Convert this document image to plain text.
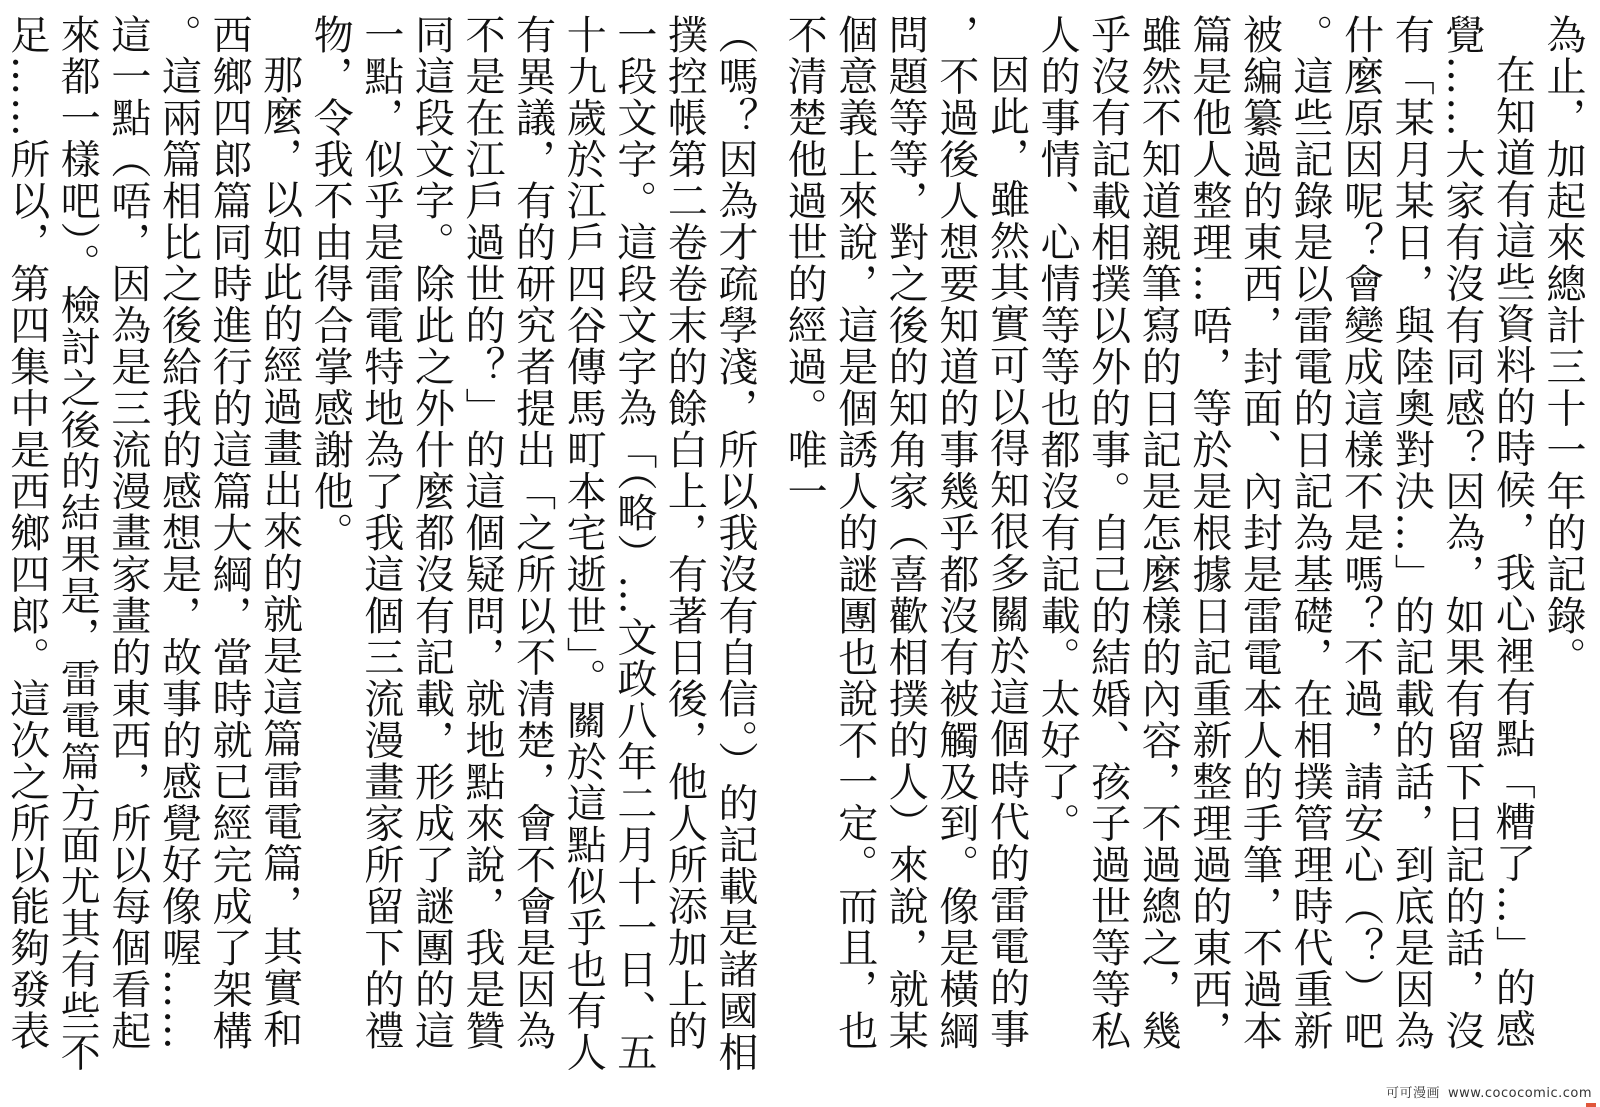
為止，加起來總計三十一年的記錄。

在知道有這些資料的時候，我心裡有點「糟了…」的感覺……大家有沒有同感？因為，如果有留下日記的話，沒有「某月某日，與陸奧對決…」的記載的話，到底是因為什麼原因呢？會變成這樣不是嗎？不過，請安心（？）吧。這些記錄是以雷電的日記為基礎，在相撲管理時代重新被編纂過的東西，封面、內封是雷電本人的手筆，不過本篇是他人整理…唔，等於是根據日記重新整理過的東西，雖然不知道親筆寫的日記是怎麼樣的內容，不過總之，幾乎沒有記載相撲以外的事。自己的結婚、孩子過世等等私人的事情、心情等等也都沒有記載。太好了。

因此，雖然其實可以得知很多關於這個時代的雷電的事，不過後人想要知道的事幾乎都沒有被觸及到。像是橫綱問題等等，對之後的知角家（喜歡相撲的人）來說，就某個意義上來說，這是個誘人的謎團也說不一定。而且，也不清楚他過世的經過。唯一

（嗎？因為才疏學淺，所以我沒有自信。）的記載是諸國相撲控帳第二卷卷末的餘白上，有著日後，他人所添加上的一段文字。這段文字為「（略）…文政八年二月十一日、五十九歲於江戶四谷傳馬町本宅逝世」。關於這點似乎也有人有異議，有的研究者提出「之所以不清楚，會不會是因為不是在江戶過世的？」的這個疑問，就地點來說，我是贊同這段文字。除此之外什麼都沒有記載，形成了謎團的這一點，似乎是雷電特地為了我這個三流漫畫家所留下的禮物，令我不由得合掌感謝他。

那麼，以如此的經過畫出來的就是這篇雷電篇，其實和西鄉四郎篇同時進行的這篇大綱，當時就已經完成了架構。這兩篇相比之後給我的感想是，故事的感覺好像喔……這一點（唔，因為是三流漫畫家畫的東西，所以每個看起來都一樣吧）。檢討之後的結果是，雷電篇方面尤其有些不足……所以，第四集中是西鄉四郎。這次之所以能夠發表

可可漫画 www.cococomic.com
